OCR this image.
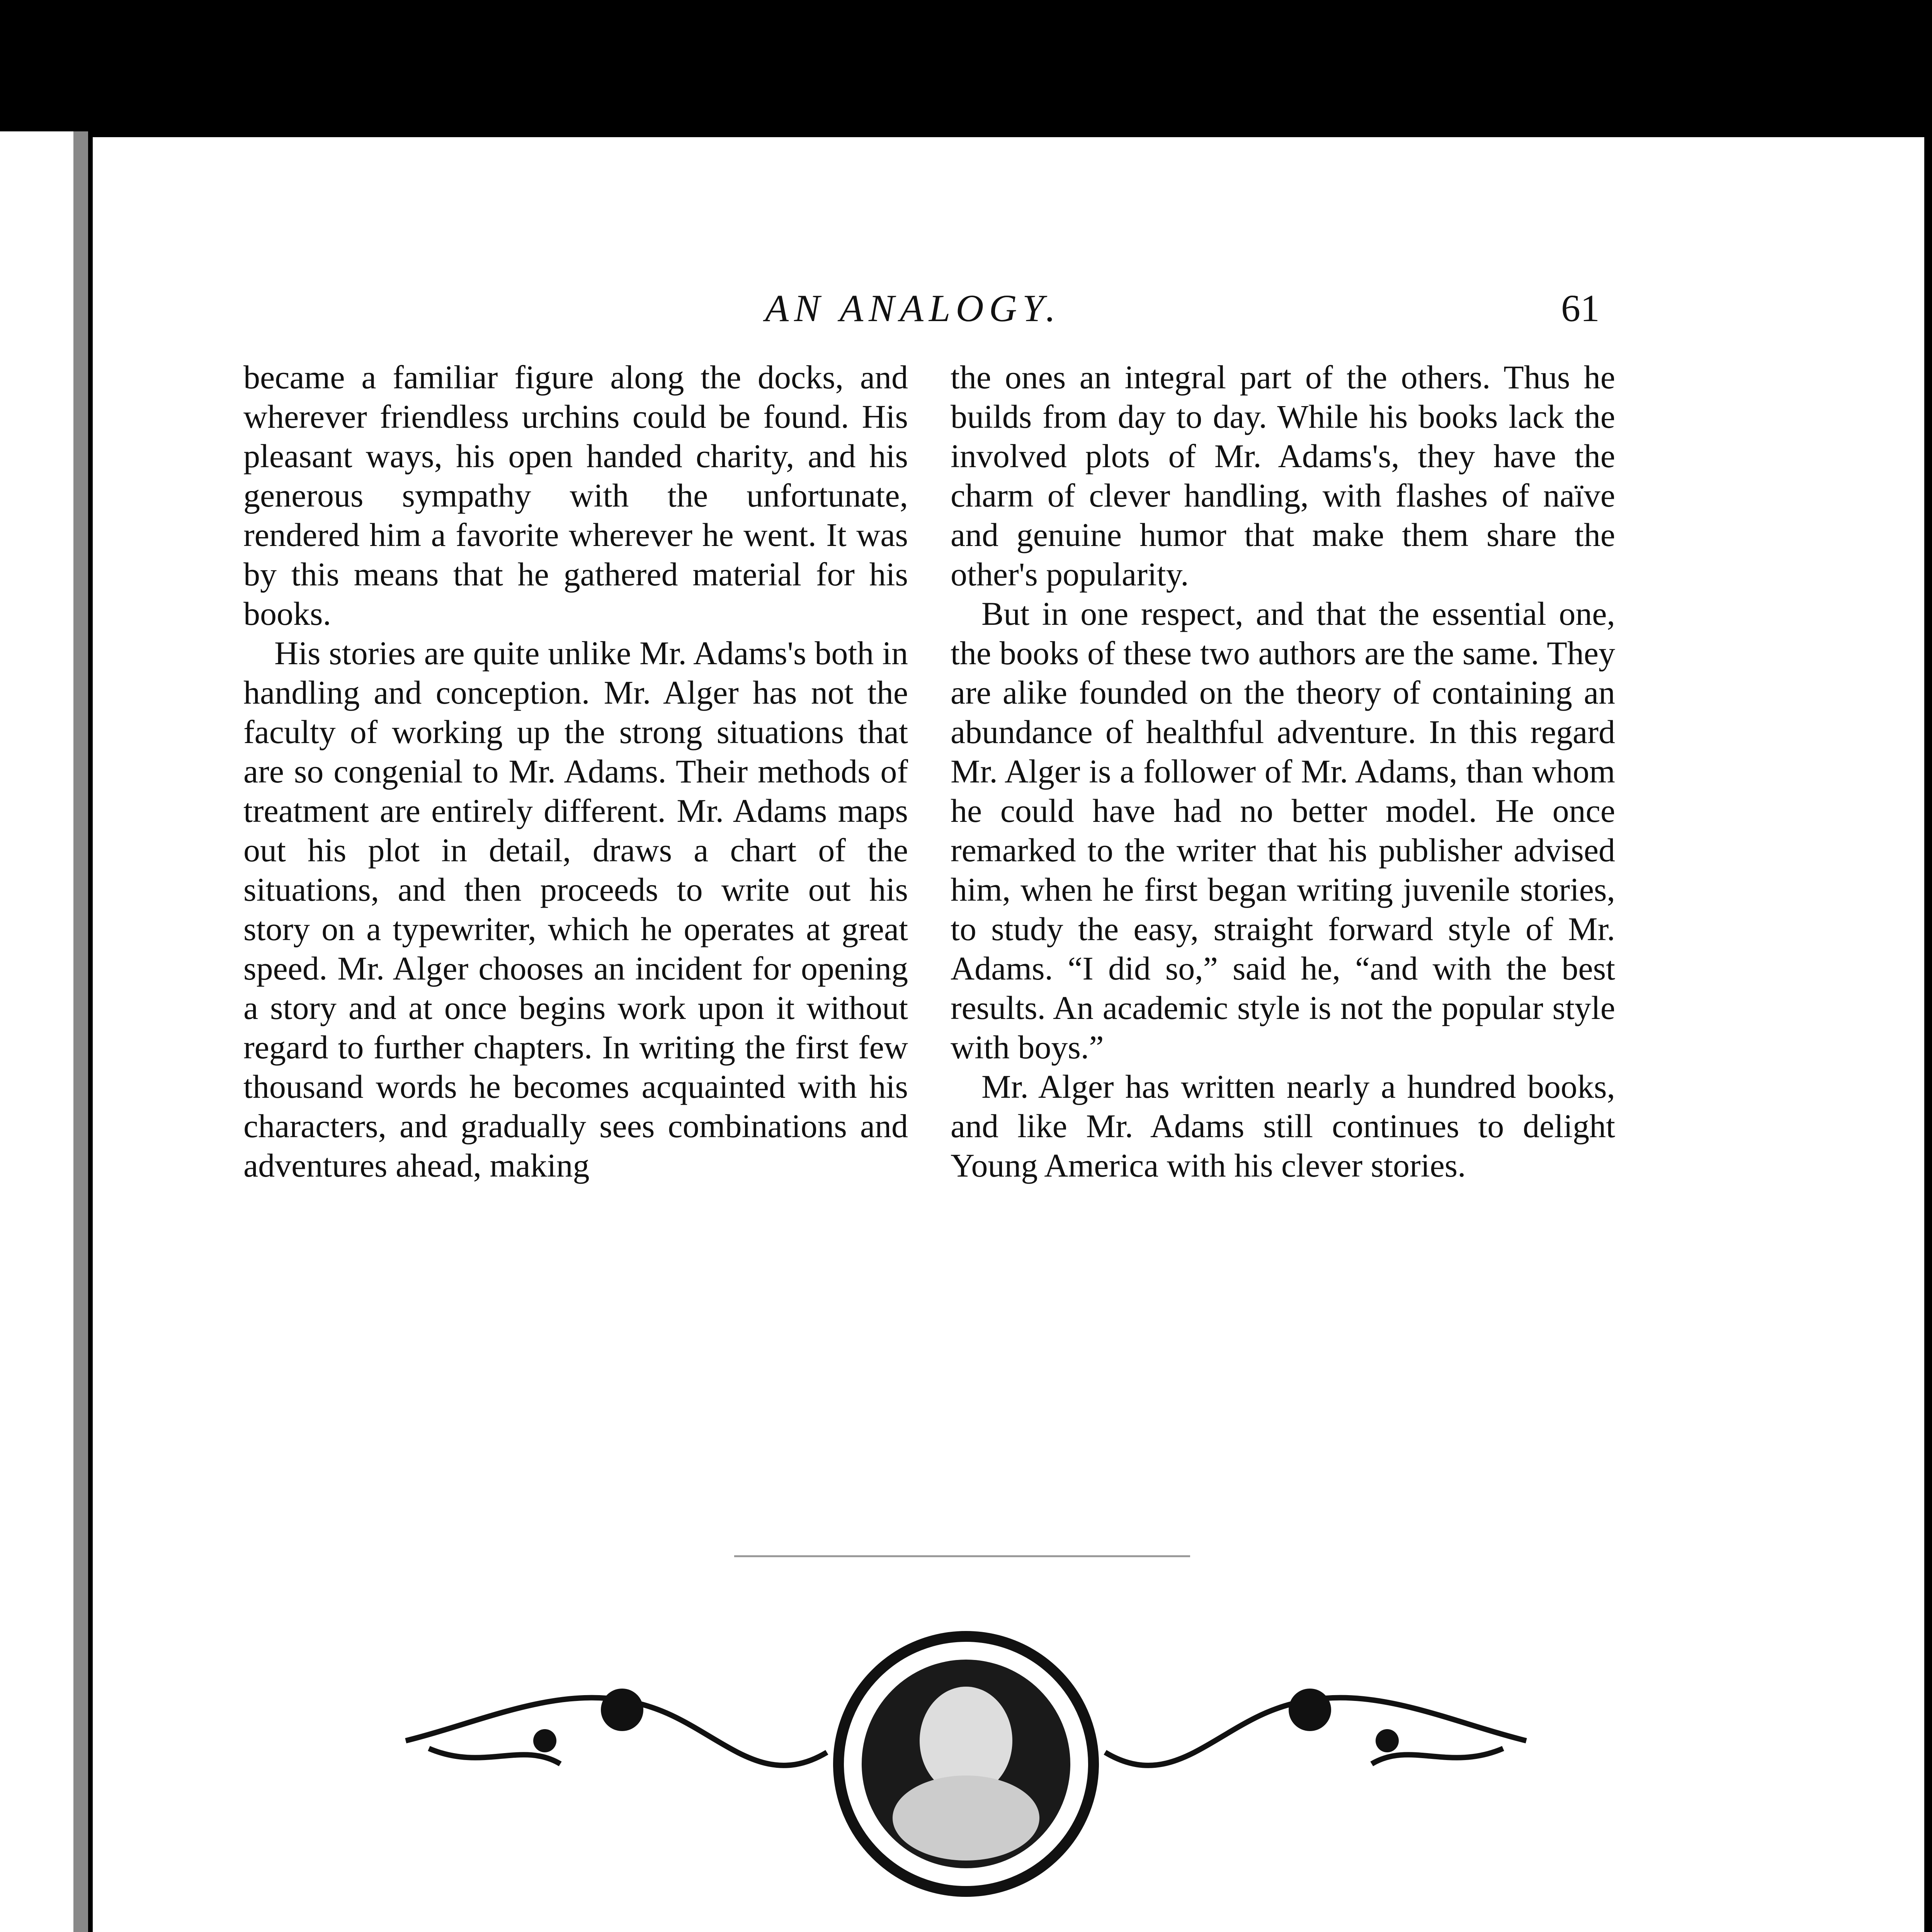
AN ANALOGY.	61

became a familiar figure along the docks, and wherever friendless urchins could be found. His pleasant ways, his open handed charity, and his generous sympathy with the unfortunate, rendered him a favorite wherever he went. It was by this means that he gathered material for his books.

His stories are quite unlike Mr. Adams's both in handling and conception. Mr. Alger has not the faculty of working up the strong situations that are so congenial to Mr. Adams. Their methods of treatment are entirely different. Mr. Adams maps out his plot in detail, draws a chart of the situations, and then proceeds to write out his story on a typewriter, which he operates at great speed. Mr. Alger chooses an incident for opening a story and at once begins work upon it without regard to further chapters. In writing the first few thousand words he becomes acquainted with his characters, and gradually sees combinations and adventures ahead, making

the ones an integral part of the others. Thus he builds from day to day. While his books lack the involved plots of Mr. Adams's, they have the charm of clever handling, with flashes of naïve and genuine humor that make them share the other's popularity.

But in one respect, and that the essential one, the books of these two authors are the same. They are alike founded on the theory of containing an abundance of healthful adventure. In this regard Mr. Alger is a follower of Mr. Adams, than whom he could have had no better model. He once remarked to the writer that his publisher advised him, when he first began writing juvenile stories, to study the easy, straight forward style of Mr. Adams. “I did so,” said he, “and with the best results. An academic style is not the popular style with boys.”

Mr. Alger has written nearly a hundred books, and like Mr. Adams still continues to delight Young America with his clever stories.
